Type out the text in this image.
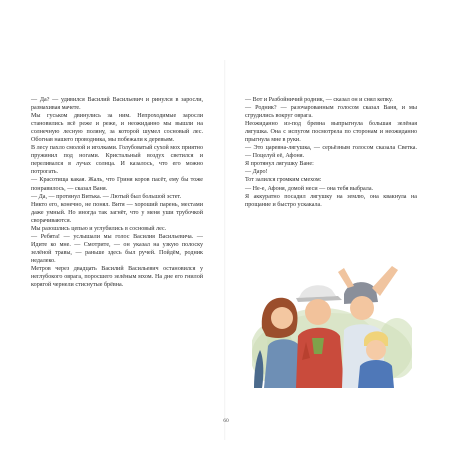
— Да? — удивился Василий Васильевич и ринулся в заросли, размахивая мачете.

Мы гуськом двинулись за ним. Непроходимые заросли становились всё реже и реже, и неожиданно мы вышли на солнечную лесную поляну, за которой шумел сосновый лес. Обогнав нашего проводника, мы побежали к деревьям.

В лесу пахло смолой и иголками. Голубоватый сухой мох приятно пружинил под ногами. Кристальный воздух светился и переливался в лучах солнца. И казалось, что его можно потрогать.

— Красотища какая. Жаль, что Гриня коров пасёт, ему бы тоже понравилось, — сказал Ваня.

— Да, — протянул Витька. — Лютый был большой эстет.

Никто его, конечно, не понял. Витя — хороший парень, местами даже умный. Но иногда так загнёт, что у меня уши трубочкой сворачиваются.

Мы разошлись цепью и углубились в сосновый лес.

— Ребята! — услышали мы голос Василия Васильевича. — Идите ко мне. — Смотрите, — он указал на узкую полоску зелёной травы, — раньше здесь был ручей. Пойдём, родник недалеко.

Метров через двадцать Василий Васильевич остановился у неглубокого оврага, поросшего зелёным мхом. На дне его гнилой корягой чернели стиснутые брёвна.

— Вот и Разбойничий родник, — сказал он и снял кепку.

— Родник? — разочарованным голосом сказал Ваня, и мы сгрудились вокруг оврага.

Неожиданно из-под бревна выпрыгнула большая зелёная лягушка. Она с испугом посмотрела по сторонам и неожиданно прыгнула мне в руки.

— Это царевна-лягушка, — серьёзным голосом сказала Светка. — Поцелуй её, Афоня.

Я протянул лягушку Ване:

— Даро!

Тот залился громким смехом:

— Не-е, Афоня, домой неси — она тебя выбрала.

Я аккуратно посадил лягушку на землю, она квакнула на прощание и быстро ускакала.

60
